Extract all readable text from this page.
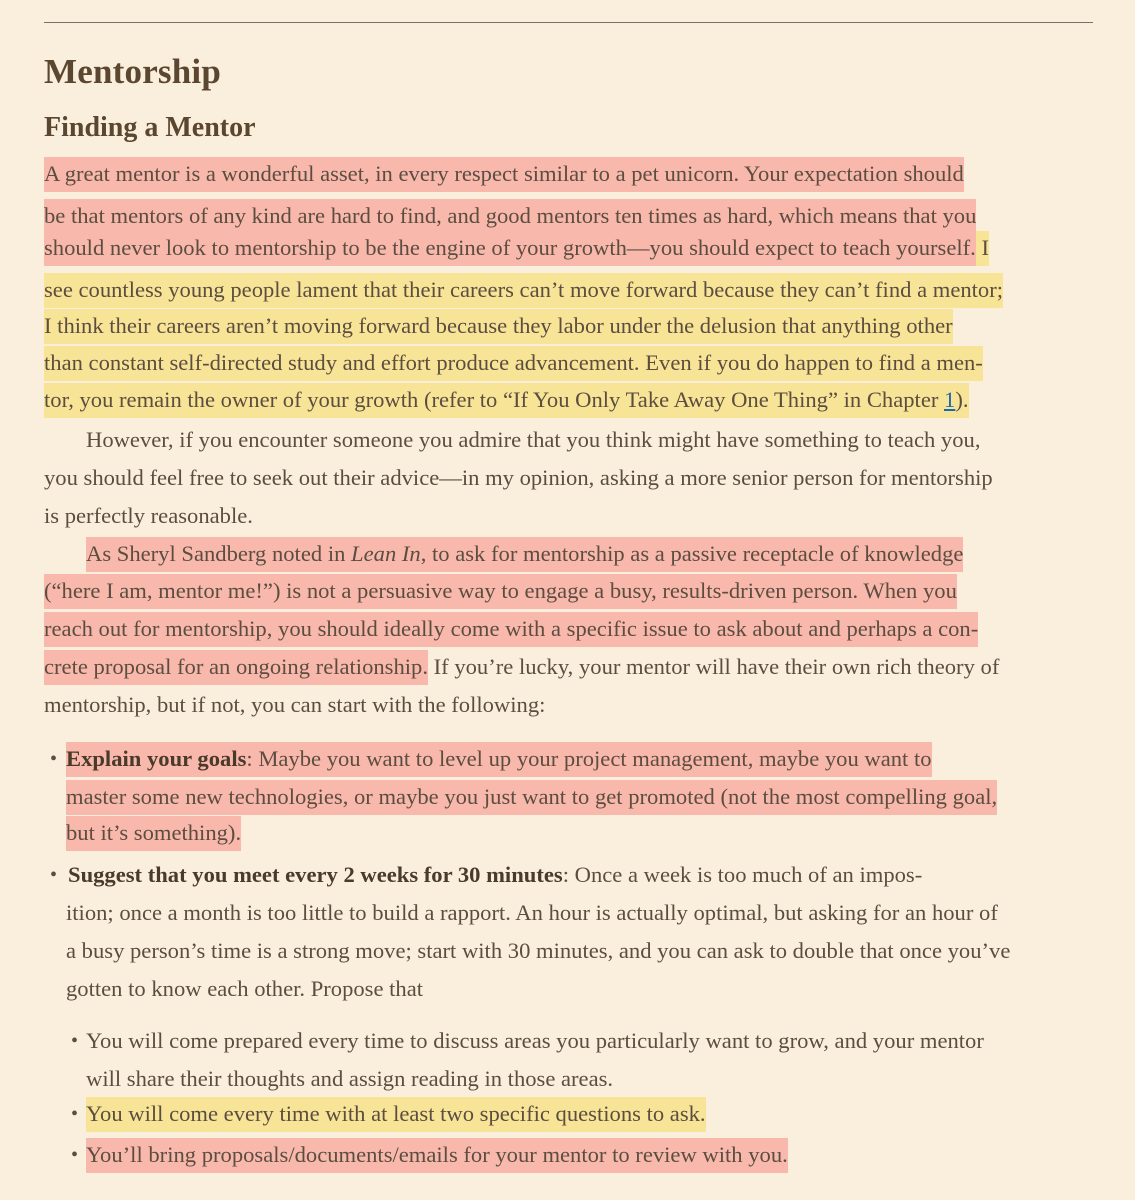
Mentorship
Finding a Mentor
A great mentor is a wonderful asset, in every respect similar to a pet unicorn. Your expectation should
be that mentors of any kind are hard to find, and good mentors ten times as hard, which means that you
should never look to mentorship to be the engine of your growth—you should expect to teach yourself. I
see countless young people lament that their careers can’t move forward because they can’t find a mentor;
I think their careers aren’t moving forward because they labor under the delusion that anything other
than constant self-directed study and effort produce advancement. Even if you do happen to find a men-
tor, you remain the owner of your growth (refer to “If You Only Take Away One Thing” in Chapter 1).
However, if you encounter someone you admire that you think might have something to teach you,
you should feel free to seek out their advice—in my opinion, asking a more senior person for mentorship
is perfectly reasonable.
As Sheryl Sandberg noted in Lean In, to ask for mentorship as a passive receptacle of knowledge
(“here I am, mentor me!”) is not a persuasive way to engage a busy, results-driven person. When you
reach out for mentorship, you should ideally come with a specific issue to ask about and perhaps a con-
crete proposal for an ongoing relationship. If you’re lucky, your mentor will have their own rich theory of
mentorship, but if not, you can start with the following:
• Explain your goals: Maybe you want to level up your project management, maybe you want to
master some new technologies, or maybe you just want to get promoted (not the most compelling goal,
but it’s something).
• Suggest that you meet every 2 weeks for 30 minutes: Once a week is too much of an impos-
ition; once a month is too little to build a rapport. An hour is actually optimal, but asking for an hour of
a busy person’s time is a strong move; start with 30 minutes, and you can ask to double that once you’ve
gotten to know each other. Propose that
• You will come prepared every time to discuss areas you particularly want to grow, and your mentor
will share their thoughts and assign reading in those areas.
• You will come every time with at least two specific questions to ask.
• You’ll bring proposals/documents/emails for your mentor to review with you.
